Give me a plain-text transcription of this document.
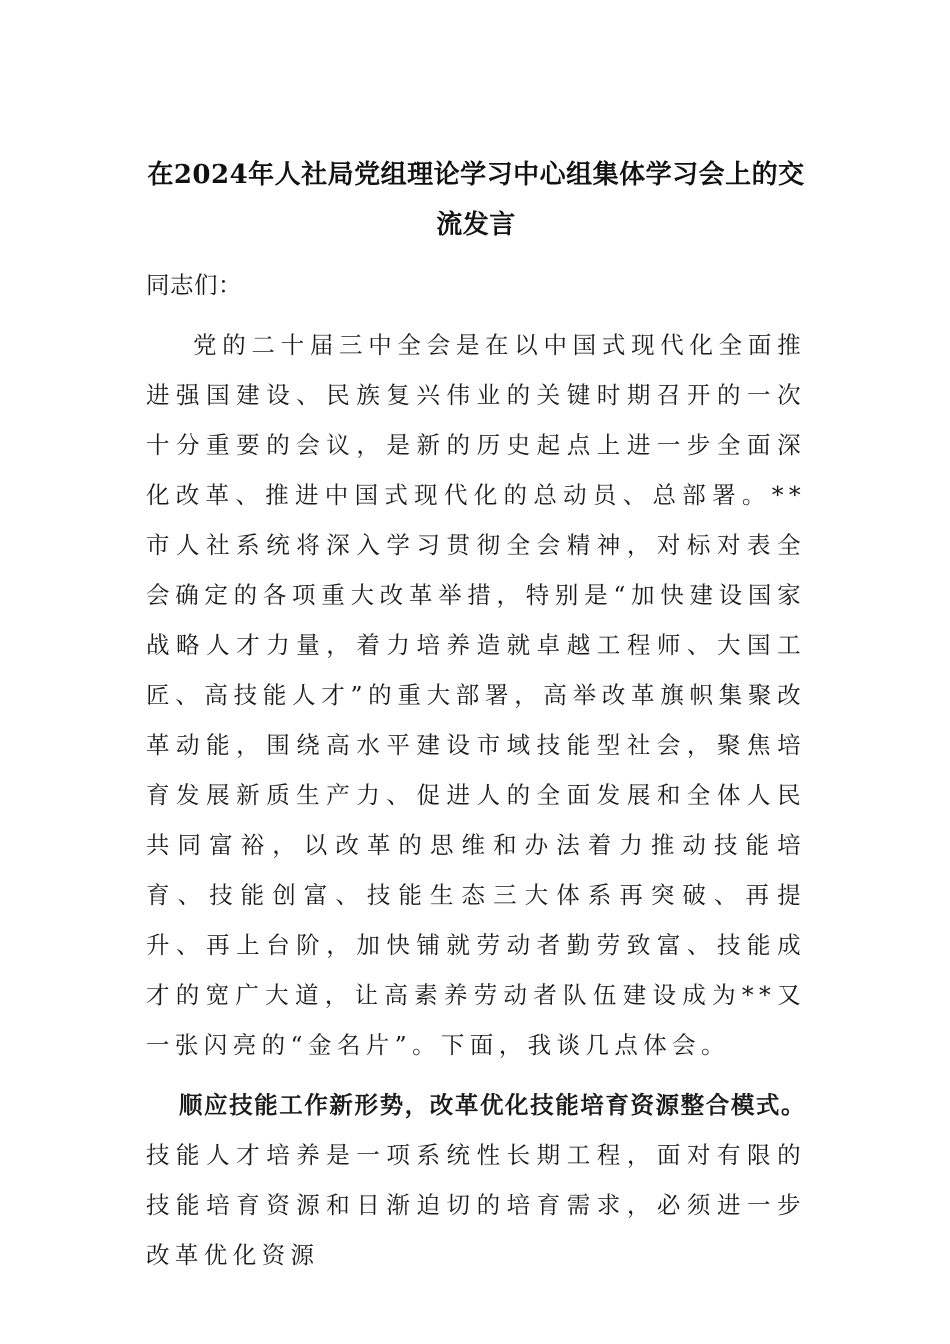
在2024年人社局党组理论学习中心组集体学习会上的交流发言

同志们：

党的二十届三中全会是在以中国式现代化全面推进强国建设、民族复兴伟业的关键时期召开的一次十分重要的会议，是新的历史起点上进一步全面深化改革、推进中国式现代化的总动员、总部署。**市人社系统将深入学习贯彻全会精神，对标对表全会确定的各项重大改革举措，特别是“加快建设国家战略人才力量，着力培养造就卓越工程师、大国工匠、高技能人才”的重大部署，高举改革旗帜集聚改革动能，围绕高水平建设市域技能型社会，聚焦培育发展新质生产力、促进人的全面发展和全体人民共同富裕，以改革的思维和办法着力推动技能培育、技能创富、技能生态三大体系再突破、再提升、再上台阶，加快铺就劳动者勤劳致富、技能成才的宽广大道，让高素养劳动者队伍建设成为**又一张闪亮的“金名片”。下面，我谈几点体会。

顺应技能工作新形势，改革优化技能培育资源整合模式。技能人才培养是一项系统性长期工程，面对有限的技能培育资源和日渐迫切的培育需求，必须进一步改革优化资源
